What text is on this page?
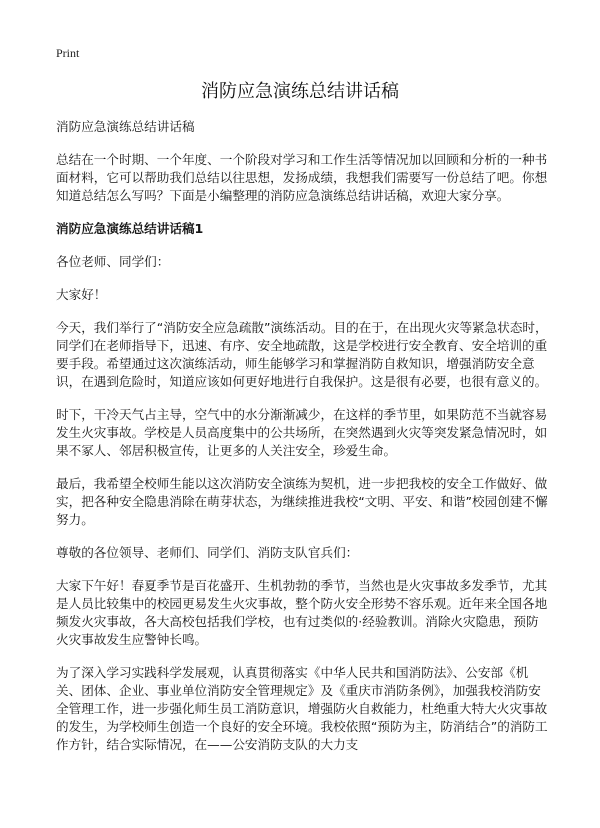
Print
消防应急演练总结讲话稿

消防应急演练总结讲话稿

总结在一个时期、一个年度、一个阶段对学习和工作生活等情况加以回顾和分析的一种书面材料，它可以帮助我们总结以往思想，发扬成绩，我想我们需要写一份总结了吧。你想知道总结怎么写吗？下面是小编整理的消防应急演练总结讲话稿，欢迎大家分享。

消防应急演练总结讲话稿1

各位老师、同学们：

大家好！

今天，我们举行了“消防安全应急疏散”演练活动。目的在于，在出现火灾等紧急状态时，同学们在老师指导下，迅速、有序、安全地疏散，这是学校进行安全教育、安全培训的重要手段。希望通过这次演练活动，师生能够学习和掌握消防自救知识，增强消防安全意识，在遇到危险时，知道应该如何更好地进行自我保护。这是很有必要，也很有意义的。

时下，干冷天气占主导，空气中的水分渐渐减少，在这样的季节里，如果防范不当就容易发生火灾事故。学校是人员高度集中的公共场所，在突然遇到火灾等突发紧急情况时，如果不冢人、邻居积极宣传，让更多的人关注安全，珍爱生命。

最后，我希望全校师生能以这次消防安全演练为契机，进一步把我校的安全工作做好、做实，把各种安全隐患消除在萌芽状态，为继续推进我校“文明、平安、和谐”校园创建不懈努力。

尊敬的各位领导、老师们、同学们、消防支队官兵们：

大家下午好！春夏季节是百花盛开、生机勃勃的季节，当然也是火灾事故多发季节，尤其是人员比较集中的校园更易发生火灾事故，整个防火安全形势不容乐观。近年来全国各地频发火灾事故，各大高校包括我们学校，也有过类似的·经验教训。消除火灾隐患，预防火灾事故发生应警钟长鸣。

为了深入学习实践科学发展观，认真贯彻落实《中华人民共和国消防法》、公安部《机关、团体、企业、事业单位消防安全管理规定》及《重庆市消防条例》，加强我校消防安全管理工作，进一步强化师生员工消防意识，增强防火自救能力，杜绝重大特大火灾事故的发生，为学校师生创造一个良好的安全环境。我校依照“预防为主，防消结合”的消防工作方针，结合实际情况，在——公安消防支队的大力支
